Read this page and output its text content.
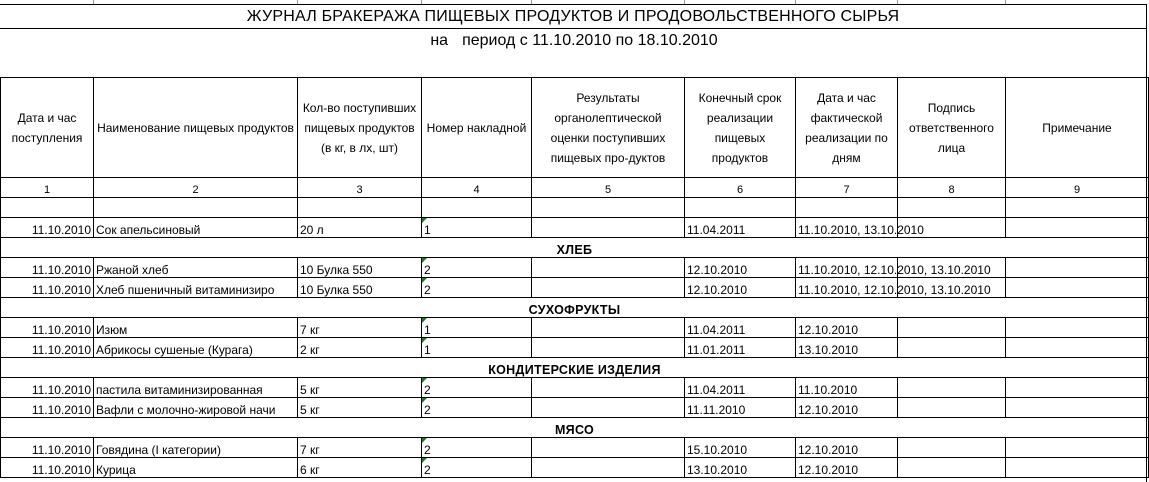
ЖУРНАЛ БРАКЕРАЖА ПИЩЕВЫХ ПРОДУКТОВ И ПРОДОВОЛЬСТВЕННОГО СЫРЬЯ
на период с 11.10.2010 по 18.10.2010
Дата и час поступления	Наименование пищевых продуктов	Кол-во поступивших пищевых продуктов (в кг, в лх, шт)	Номер накладной	Результаты органолептической оценки поступивших пищевых про-дуктов	Конечный срок реализации пищевых продуктов	Дата и час фактической реализации по дням	Подпись ответственного лица	Примечание
1	2	3	4	5	6	7	8	9

11.10.2010	Сок апельсиновый	20 л	1		11.04.2011	11.10.2010, 13.10.2010		
ХЛЕБ								
11.10.2010	Ржаной хлеб	10 Булка 550	2		12.10.2010	11.10.2010, 12.10.2010, 13.10.2010		
11.10.2010	Хлеб пшеничный витаминизиро	10 Булка 550	2		12.10.2010	11.10.2010, 12.10.2010, 13.10.2010		
СУХОФРУКТЫ								
11.10.2010	Изюм	7 кг	1		11.04.2011	12.10.2010		
11.10.2010	Абрикосы сушеные (Курага)	2 кг	1		11.01.2011	13.10.2010		
КОНДИТЕРСКИЕ ИЗДЕЛИЯ								
11.10.2010	пастила витаминизированная	5 кг	2		11.04.2011	11.10.2010		
11.10.2010	Вафли с молочно-жировой начи	5 кг	2		11.11.2010	12.10.2010		
МЯСО								
11.10.2010	Говядина (I категории)	7 кг	2		15.10.2010	12.10.2010		
11.10.2010	Курица	6 кг	2		13.10.2010	12.10.2010		
